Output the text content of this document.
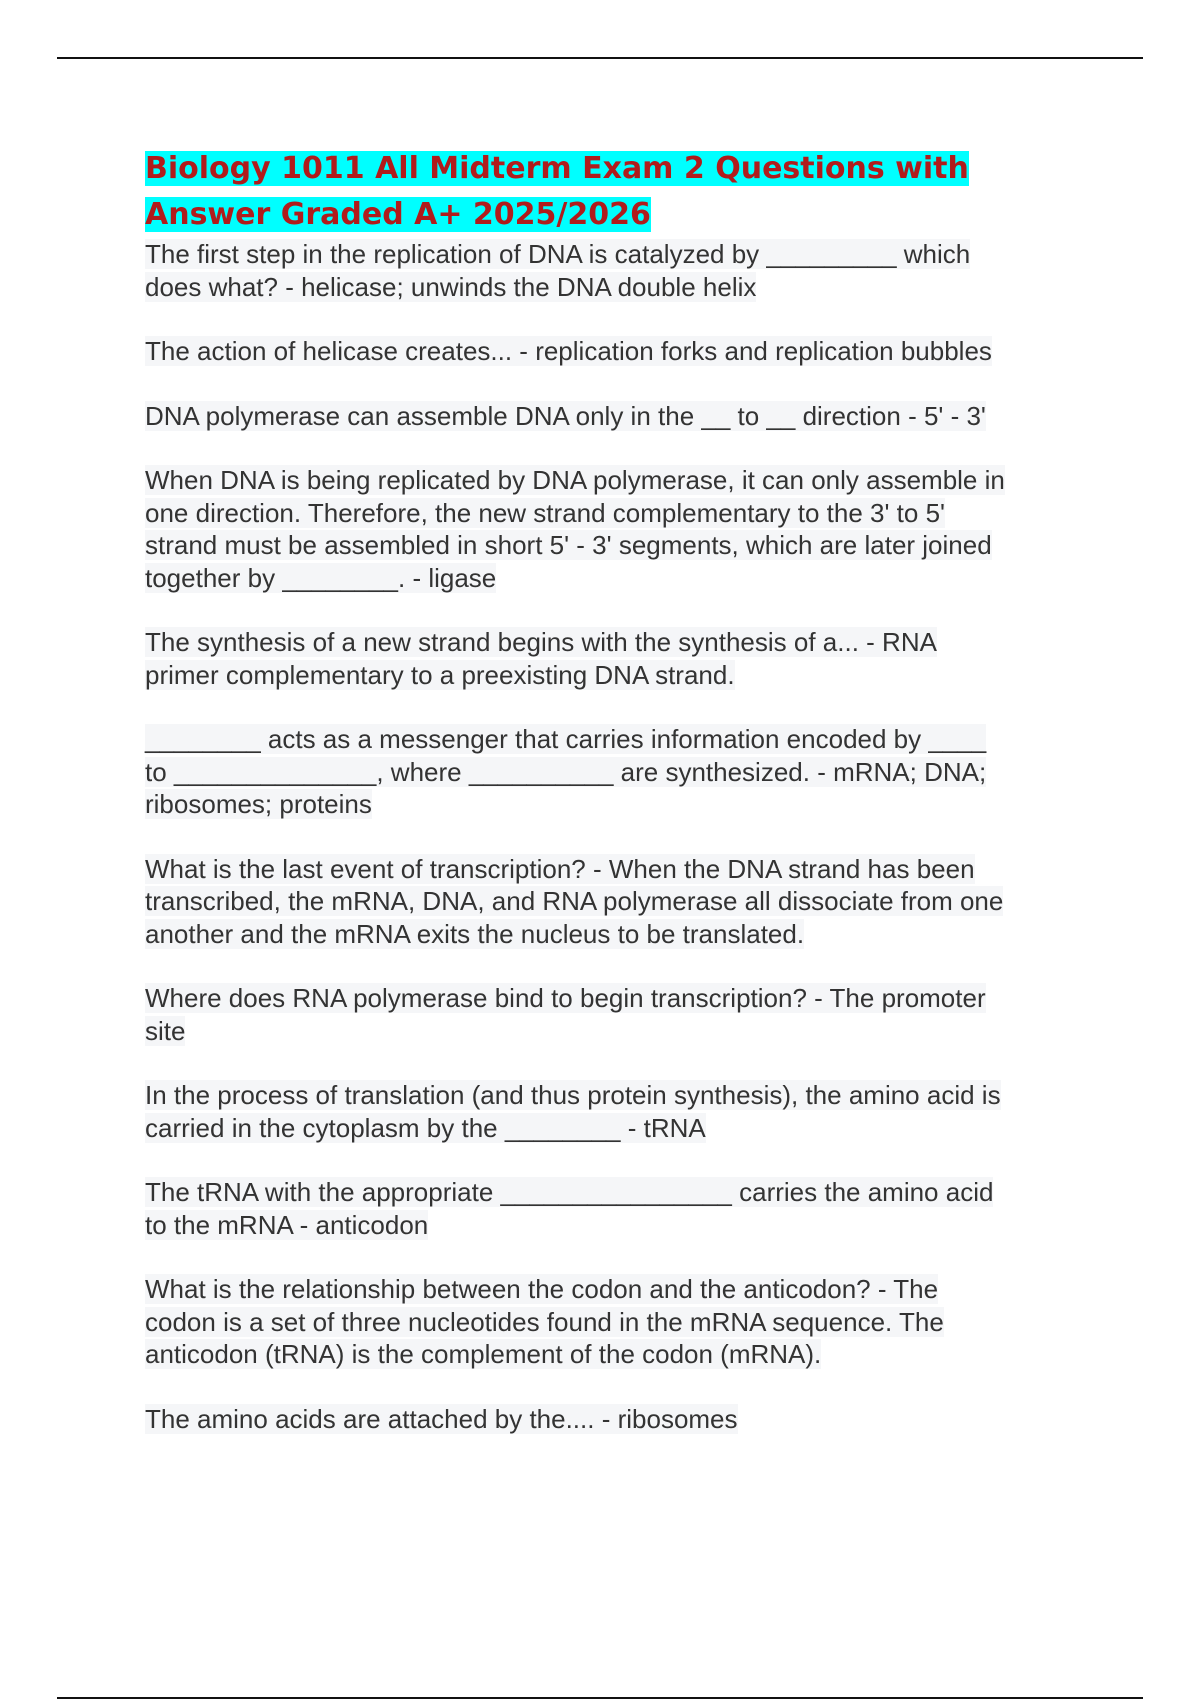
Biology 1011 All Midterm Exam 2 Questions with
Answer Graded A+ 2025/2026
The first step in the replication of DNA is catalyzed by _________ which
does what? - helicase; unwinds the DNA double helix
The action of helicase creates... - replication forks and replication bubbles
DNA polymerase can assemble DNA only in the __ to __ direction - 5' - 3'
When DNA is being replicated by DNA polymerase, it can only assemble in
one direction. Therefore, the new strand complementary to the 3' to 5'
strand must be assembled in short 5' - 3' segments, which are later joined
together by ________. - ligase
The synthesis of a new strand begins with the synthesis of a... - RNA
primer complementary to a preexisting DNA strand.
________ acts as a messenger that carries information encoded by ____
to ______________, where __________ are synthesized. - mRNA; DNA;
ribosomes; proteins
What is the last event of transcription? - When the DNA strand has been
transcribed, the mRNA, DNA, and RNA polymerase all dissociate from one
another and the mRNA exits the nucleus to be translated.
Where does RNA polymerase bind to begin transcription? - The promoter
site
In the process of translation (and thus protein synthesis), the amino acid is
carried in the cytoplasm by the ________ - tRNA
The tRNA with the appropriate ________________ carries the amino acid
to the mRNA - anticodon
What is the relationship between the codon and the anticodon? - The
codon is a set of three nucleotides found in the mRNA sequence. The
anticodon (tRNA) is the complement of the codon (mRNA).
The amino acids are attached by the.... - ribosomes
